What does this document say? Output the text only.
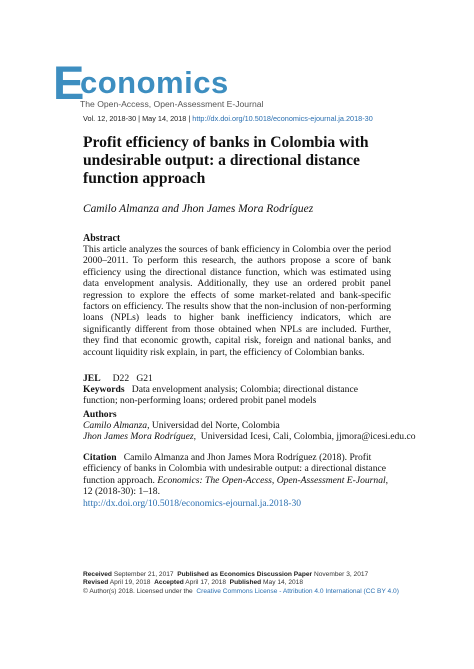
E
conomics
The Open-Access, Open-Assessment E-Journal
Vol. 12, 2018-30 | May 14, 2018 | http://dx.doi.org/10.5018/economics-ejournal.ja.2018-30
Profit efficiency of banks in Colombia with undesirable output: a directional distance function approach
Camilo Almanza and Jhon James Mora Rodríguez
Abstract
This article analyzes the sources of bank efficiency in Colombia over the period 2000–2011. To perform this research, the authors propose a score of bank efficiency using the directional distance function, which was estimated using data envelopment analysis. Additionally, they use an ordered probit panel regression to explore the effects of some market-related and bank-specific factors on efficiency. The results show that the non-inclusion of non-performing loans (NPLs) leads to higher bank inefficiency indicators, which are significantly different from those obtained when NPLs are included. Further, they find that economic growth, capital risk, foreign and national banks, and account liquidity risk explain, in part, the efficiency of Colombian banks.
JEL D22   G21
Keywords Data envelopment analysis; Colombia; directional distance function; non-performing loans; ordered probit panel models
Authors
Camilo Almanza, Universidad del Norte, Colombia
Jhon James Mora Rodríguez,  Universidad Icesi, Cali, Colombia, jjmora@icesi.edu.co
Citation Camilo Almanza and Jhon James Mora Rodríguez (2018). Profit efficiency of banks in Colombia with undesirable output: a directional distance function approach. Economics: The Open-Access, Open-Assessment E-Journal, 12 (2018-30): 1–18.
http://dx.doi.org/10.5018/economics-ejournal.ja.2018-30
Received September 21, 2017 Published as Economics Discussion Paper November 3, 2017
Revised April 19, 2018 Accepted April 17, 2018 Published May 14, 2018
© Author(s) 2018. Licensed under the Creative Commons License - Attribution 4.0 International (CC BY 4.0)
